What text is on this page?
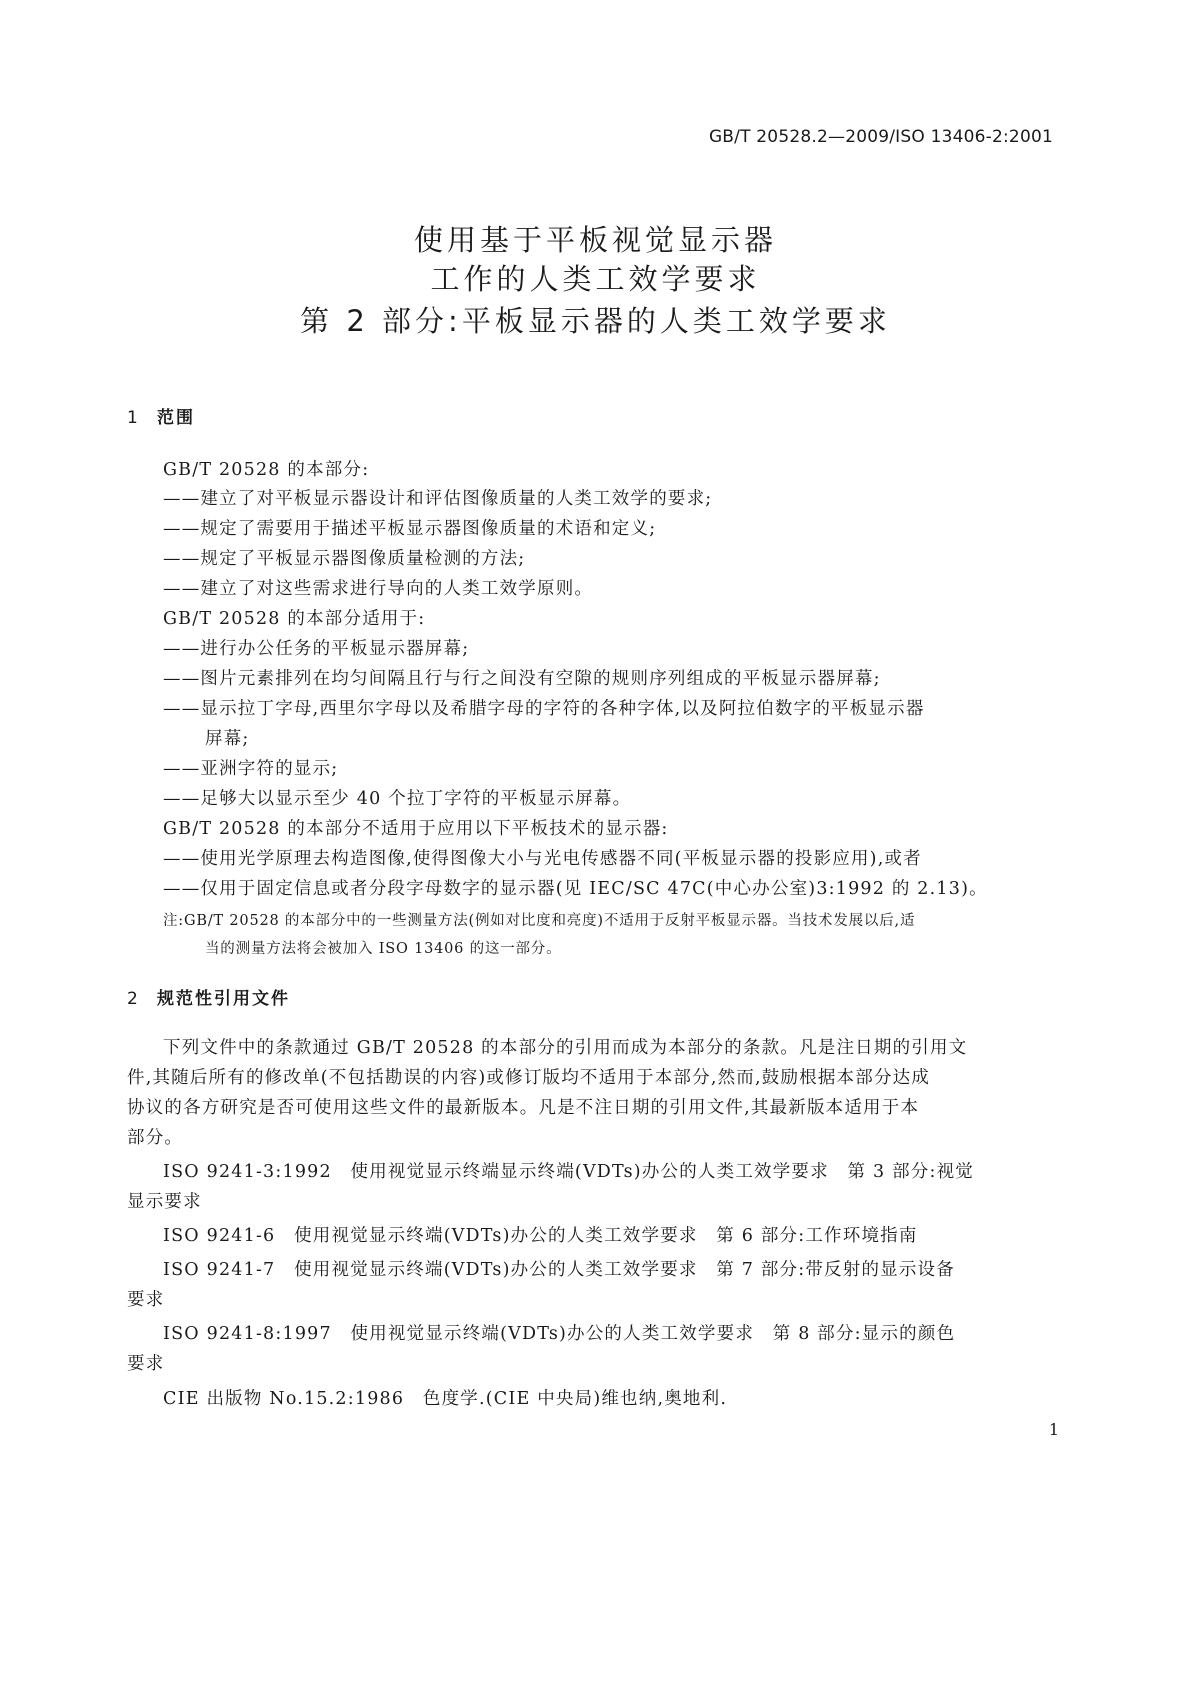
GB/T 20528.2—2009/ISO 13406-2:2001
使用基于平板视觉显示器
工作的人类工效学要求
第 2 部分:平板显示器的人类工效学要求
1 范围
GB/T 20528 的本部分:
——建立了对平板显示器设计和评估图像质量的人类工效学的要求;
——规定了需要用于描述平板显示器图像质量的术语和定义;
——规定了平板显示器图像质量检测的方法;
——建立了对这些需求进行导向的人类工效学原则。
GB/T 20528 的本部分适用于:
——进行办公任务的平板显示器屏幕;
——图片元素排列在均匀间隔且行与行之间没有空隙的规则序列组成的平板显示器屏幕;
——显示拉丁字母,西里尔字母以及希腊字母的字符的各种字体,以及阿拉伯数字的平板显示器
屏幕;
——亚洲字符的显示;
——足够大以显示至少 40 个拉丁字符的平板显示屏幕。
GB/T 20528 的本部分不适用于应用以下平板技术的显示器:
——使用光学原理去构造图像,使得图像大小与光电传感器不同(平板显示器的投影应用),或者
——仅用于固定信息或者分段字母数字的显示器(见 IEC/SC 47C(中心办公室)3:1992 的 2.13)。
注:GB/T 20528 的本部分中的一些测量方法(例如对比度和亮度)不适用于反射平板显示器。当技术发展以后,适
当的测量方法将会被加入 ISO 13406 的这一部分。
2 规范性引用文件
下列文件中的条款通过 GB/T 20528 的本部分的引用而成为本部分的条款。凡是注日期的引用文
件,其随后所有的修改单(不包括勘误的内容)或修订版均不适用于本部分,然而,鼓励根据本部分达成
协议的各方研究是否可使用这些文件的最新版本。凡是不注日期的引用文件,其最新版本适用于本
部分。
ISO 9241-3:1992　使用视觉显示终端显示终端(VDTs)办公的人类工效学要求　第 3 部分:视觉
显示要求
ISO 9241-6　使用视觉显示终端(VDTs)办公的人类工效学要求　第 6 部分:工作环境指南
ISO 9241-7　使用视觉显示终端(VDTs)办公的人类工效学要求　第 7 部分:带反射的显示设备
要求
ISO 9241-8:1997　使用视觉显示终端(VDTs)办公的人类工效学要求　第 8 部分:显示的颜色
要求
CIE 出版物 No.15.2:1986　色度学.(CIE 中央局)维也纳,奥地利.
1
